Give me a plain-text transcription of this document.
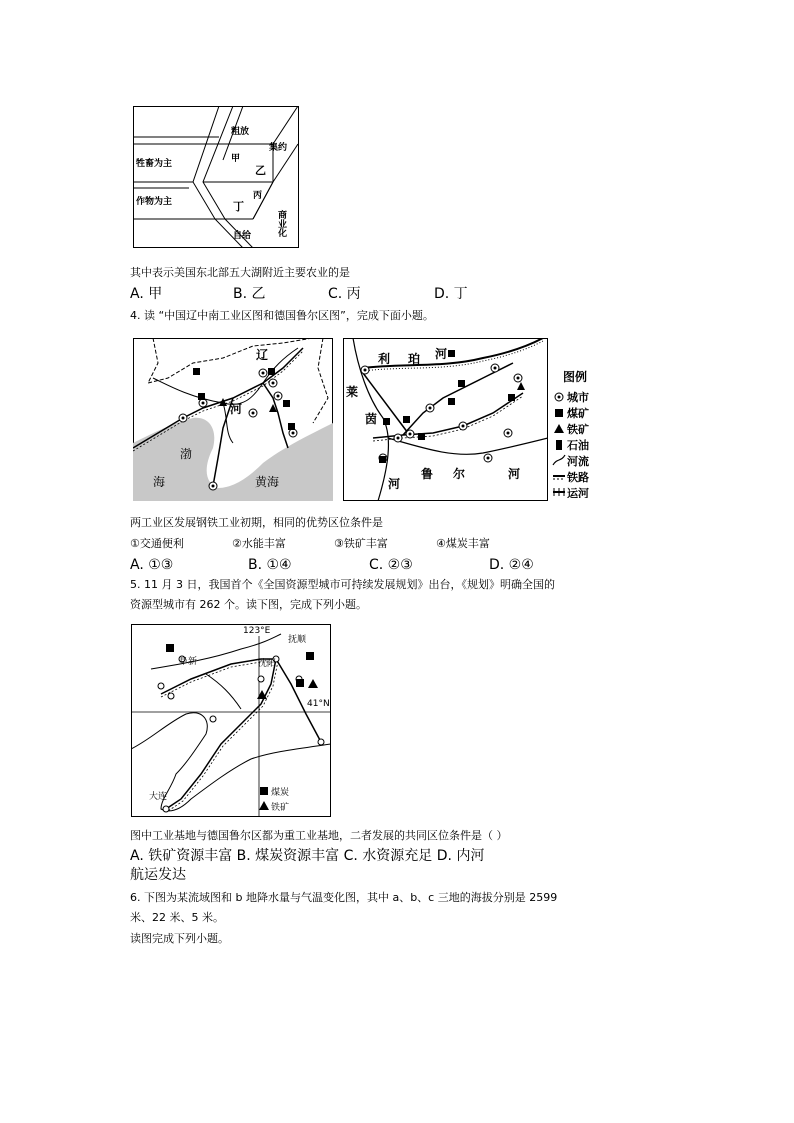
粗放
集约
牲畜为主
作物为主
甲
乙
丙
丁
自给	商业化
其中表示美国东北部五大湖附近主要农业的是
A. 甲	B. 乙	C. 丙	D. 丁
4. 读 “中国辽中南工业区图和德国鲁尔区图”，完成下面小题。
辽
河
渤
海	黄海
利 珀 河
莱
茵
河
鲁 尔	河
图例
城市
煤矿
铁矿
石油
河流
铁路
运河
两工业区发展钢铁工业初期，相同的优势区位条件是
①交通便利	②水能丰富	③铁矿丰富	④煤炭丰富
A. ①③	B. ①④	C. ②③	D. ②④
5. 11 月 3 日，我国首个《全国资源型城市可持续发展规划》出台，《规划》明确全国的
资源型城市有 262 个。读下图，完成下列小题。
123°E
阜新
抚顺
沈阳
41°N
大连	煤炭
铁矿
图中工业基地与德国鲁尔区都为重工业基地，二者发展的共同区位条件是（ ）
A. 铁矿资源丰富 B. 煤炭资源丰富 C. 水资源充足 D. 内河
航运发达
6. 下图为某流域图和 b 地降水量与气温变化图，其中 a、b、c 三地的海拔分别是 2599
米、22 米、5 米。
读图完成下列小题。
